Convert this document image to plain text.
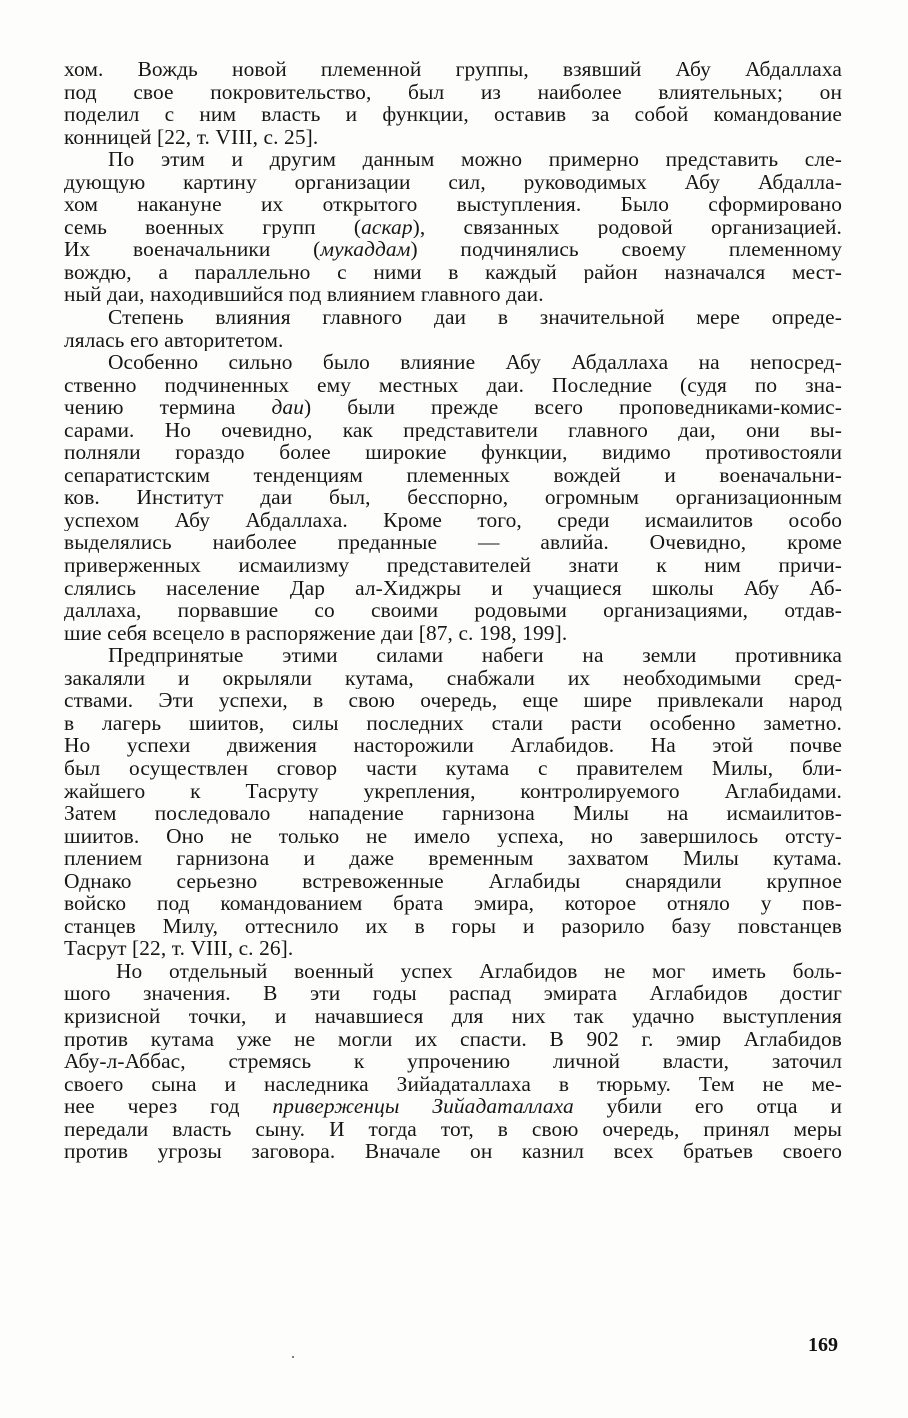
хом. Вождь новой племенной группы, взявший Абу Абдаллаха
под свое покровительство, был из наиболее влиятельных; он
поделил с ним власть и функции, оставив за собой командование
конницей [22, т. VIII, с. 25].
По этим и другим данным можно примерно представить сле-
дующую картину организации сил, руководимых Абу Абдалла-
хом накануне их открытого выступления. Было сформировано
семь военных групп (аскар), связанных родовой организацией.
Их военачальники (мукаддам) подчинялись своему племенному
вождю, а параллельно с ними в каждый район назначался мест-
ный даи, находившийся под влиянием главного даи.
Степень влияния главного даи в значительной мере опреде-
лялась его авторитетом.
Особенно сильно было влияние Абу Абдаллаха на непосред-
ственно подчиненных ему местных даи. Последние (судя по зна-
чению термина даи) были прежде всего проповедниками-комис-
сарами. Но очевидно, как представители главного даи, они вы-
полняли гораздо более широкие функции, видимо противостояли
сепаратистским тенденциям племенных вождей и военачальни-
ков. Институт даи был, бесспорно, огромным организационным
успехом Абу Абдаллаха. Кроме того, среди исмаилитов особо
выделялись наиболее преданные — авлийа. Очевидно, кроме
приверженных исмаилизму представителей знати к ним причи-
слялись население Дар ал-Хиджры и учащиеся школы Абу Аб-
даллаха, порвавшие со своими родовыми организациями, отдав-
шие себя всецело в распоряжение даи [87, с. 198, 199].
Предпринятые этими силами набеги на земли противника
закаляли и окрыляли кутама, снабжали их необходимыми сред-
ствами. Эти успехи, в свою очередь, еще шире привлекали народ
в лагерь шиитов, силы последних стали расти особенно заметно.
Но успехи движения насторожили Аглабидов. На этой почве
был осуществлен сговор части кутама с правителем Милы, бли-
жайшего к Тасруту укрепления, контролируемого Аглабидами.
Затем последовало нападение гарнизона Милы на исмаилитов-
шиитов. Оно не только не имело успеха, но завершилось отсту-
плением гарнизона и даже временным захватом Милы кутама.
Однако серьезно встревоженные Аглабиды снарядили крупное
войско под командованием брата эмира, которое отняло у пов-
станцев Милу, оттеснило их в горы и разорило базу повстанцев
Тасрут [22, т. VIII, с. 26].
Но отдельный военный успех Аглабидов не мог иметь боль-
шого значения. В эти годы распад эмирата Аглабидов достиг
кризисной точки, и начавшиеся для них так удачно выступления
против кутама уже не могли их спасти. В 902 г. эмир Аглабидов
Абу-л-Аббас, стремясь к упрочению личной власти, заточил
своего сына и наследника Зийадаталлаха в тюрьму. Тем не ме-
нее через год приверженцы Зийадаталлаха убили его отца и
передали власть сыну. И тогда тот, в свою очередь, принял меры
против угрозы заговора. Вначале он казнил всех братьев своего
169
